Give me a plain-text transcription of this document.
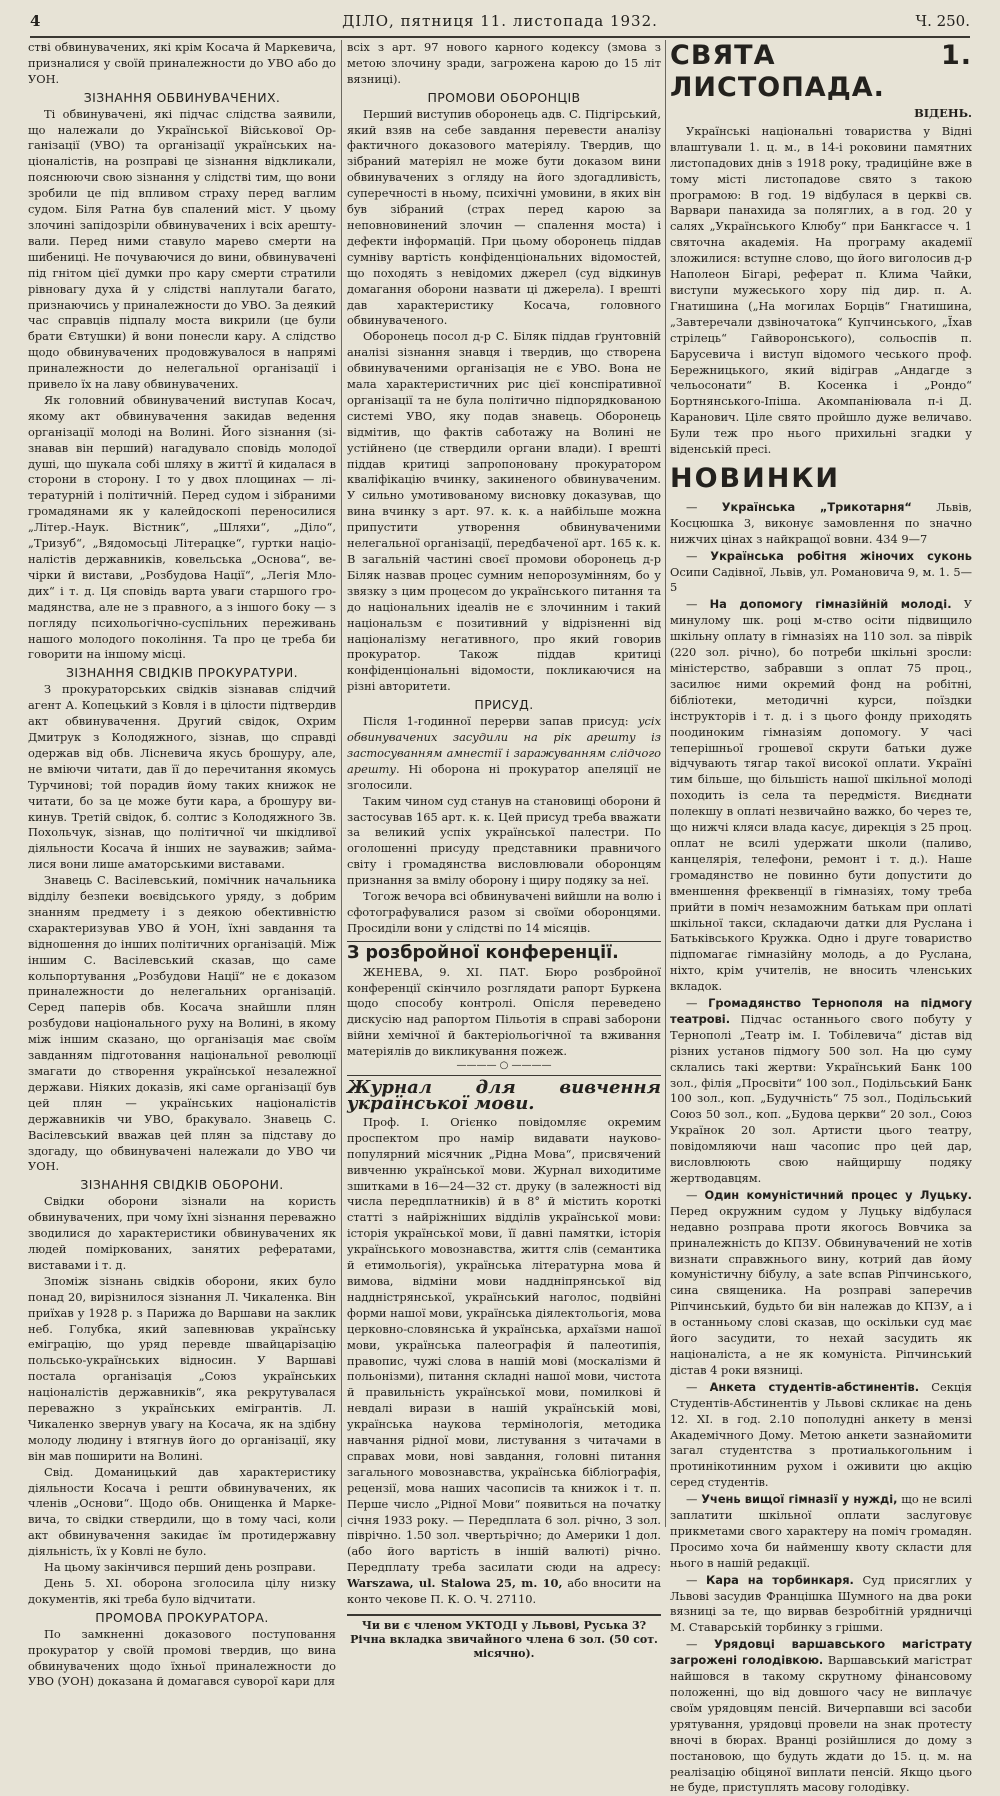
4	ДІЛО, пятниця 11. листопада 1932.	Ч. 250.

стві обвинувачених, які крім Косача й Маркевича, призналися у своїй приналежности до УВО або до УОН.

ЗІЗНАННЯ ОБВИНУВАЧЕНИХ.

Ті обвинувачені, які підчас слідства заявили, що належали до Української Військової Організації (УВО) та організації українських націоналістів, на розправі це зізнання відкликали, пояснюючи свою зізнання у слідстві тим, що вони зробили це під впливом страху перед ваглим судом. Біля Ратна був спалений міст. У цьому злочині запідозріли обвинувачених і всіх арештували. Перед ними ставуло марево смерти на шибениці. Не почуваючися до вини, обвинувачені під гнітом цієї думки про кару смерти стратили рівновагу духа й у слідстві наплутали багато, признаючись у приналежности до УВО. За деякий час справців підпалу моста викрили (це були брати Євтушки) й вони понесли кару. А слідство щодо обвинувачених продовжувалося в напрямі приналежности до нелегальної організації і привело їх на лаву обвинувачених.

Як головний обвинувачений виступав Косач, якому акт обвинувачення закидав ведення організації молоді на Волині. Його зізнання (зізнавав він перший) нагадувало сповідь молодої душі, що шукала собі шляху в життї й кидалася в сторони в сторону. І то у двох площинах — літературній і політичній. Перед судом і зібраними громадянами як у калейдоскопі переносилися „Літер.-Наук. Вістник“, „Шляхи“, „Діло“, „Тризуб“, „Вядомосьці Літерацке“, гуртки націоналістів державників, ковельська „Основа“, вечірки й вистави, „Розбудова Нації“, „Легія Млодих“ і т. д. Ця сповідь варта уваги старшого громадянства, але не з правного, а з іншого боку — з погляду психольогічно-суспільних переживань нашого молодого покоління. Та про це треба би говорити на іншому місці.

ЗІЗНАННЯ СВІДКІВ ПРОКУРАТУРИ.

З прокураторських свідків зізнавав слідчий агент А. Копецький з Ковля і в цілости підтвердив акт обвинувачення. Другий свідок, Охрим Дмитрук з Колодяжного, зізнав, що справді одержав від обв. Лісневича якусь брошуру, але, не вміючи читати, дав її до перечитання якомусь Турчинові; той порадив йому таких книжок не читати, бо за це може бути кара, а брошуру викинув. Третій свідок, б. солтис з Колодяжного Зв. Похольчук, зізнав, що політичної чи шкідливої діяльности Косача й інших не зауважив; займалися вони лише аматорськими виставами.

Знавець С. Васілевський, помічник начальника відділу безпеки воєвідського уряду, з добрим знанням предмету і з деякою обективністю схарактеризував УВО й УОН, їхні завдання та відношення до інших політичних організацій. Між іншим С. Васілевський сказав, що саме кольпортування „Розбудови Нації“ не є доказом приналежности до нелегальних організацій. Серед паперів обв. Косача знайшли плян розбудови національного руху на Волині, в якому між іншим сказано, що організація має своїм завданням підготовання національної революції змагати до створення української незалежної держави. Ніяких доказів, які саме організації був цей плян — українських націоналістів державників чи УВО, бракувало. Знавець С. Васілевський вважав цей плян за підставу до здогаду, що обвинувачені належали до УВО чи УОН.

ЗІЗНАННЯ СВІДКІВ ОБОРОНИ.

Свідки оборони зізнали на користь обвинувачених, при чому їхні зізнання переважно зводилися до характеристики обвинувачених як людей поміркованих, занятих рефератами, виставами і т. д.

Зпоміж зізнань свідків оборони, яких було понад 20, вирізнилося зізнання Л. Чикаленка. Він приїхав у 1928 р. з Парижа до Варшави на заклик неб. Голубка, який запевнював українську еміграцію, що уряд перевде швайцарізацію польсько-українських відносин. У Варшаві постала організація „Союз українських націоналістів державників“, яка рекрутувалася переважно з українських емігрантів. Л. Чикаленко звернув увагу на Косача, як на здібну молоду людину і втягнув його до організації, яку він мав поширити на Волині.

Свід. Доманицький дав характеристику діяльности Косача і решти обвинувачених, як членів „Основи“. Щодо обв. Онищенка й Маркевича, то свідки ствердили, що в тому часі, коли акт обвинувачення закидає їм протидержавну діяльність, їх у Ковлі не було.

На цьому закінчився перший день розправи.

День 5. XI. оборона зголосила цілу низку документів, які треба було відчитати.

ПРОМОВА ПРОКУРАТОРА.

По замкненні доказового поступовання прокуратор у своїй промові твердив, що вина обвинувачених щодо їхньої приналежности до УВО (УОН) доказана й домагався суворої кари для

всіх з арт. 97 нового карного кодексу (змова з метою злочину зради, загрожена карою до 15 літ вязниці).

ПРОМОВИ ОБОРОНЦІВ

Перший виступив оборонець адв. С. Підгірський, який взяв на себе завдання перевести аналізу фактичного доказового матеріялу. Твердив, що зібраний матеріял не може бути доказом вини обвинувачених з огляду на його здогадливість, суперечності в ньому, психічні умовини, в яких він був зібраний (страх перед карою за неповновинений злочин — спалення моста) і дефекти інформацій. При цьому оборонець піддав сумніву вартість конфіденціональних відомостей, що походять з невідомих джерел (суд відкинув домагання оборони назвати ці джерела). І врешті дав характеристику Косача, головного обвинуваченого.

Оборонець посол д-р С. Біляк піддав ґрунтовній аналізі зізнання знавця і твердив, що створена обвинуваченими організація не є УВО. Вона не мала характеристичних рис цієї конспіративної організації та не була політично підпорядкованою системі УВО, яку подав знавець. Оборонець відмітив, що фактів саботажу на Волині не устійнено (це ствердили органи влади). І врешті піддав критиці запропоновану прокуратором кваліфікацію вчинку, закиненого обвинуваченим. У сильно умотивованому висновку доказував, що вина вчинку з арт. 97. к. к. а найбільше можна припустити утворення обвинуваченими нелегальної організації, передбаченої арт. 165 к. к. В загальній частині своєї промови оборонець д-р Біляк назвав процес сумним непорозумінням, бо у звязку з цим процесом до українського питання та до національних ідеалів не є злочинним і такий національзм є позитивний у відрізненні від націоналізму негативного, про який говорив прокуратор. Також піддав критиці конфіденціональні відомости, покликаючися на різні авторитети.

ПРИСУД.

Після 1-годинної перерви запав присуд: усіх обвинувачених засудили на рік арешту із застосуванням амнестії і заражуванням слідчого арешту. Ні оборона ні прокуратор апеляції не зголосили.

Таким чином суд станув на становищі оборони й застосував 165 арт. к. к. Цей присуд треба вважати за великий успіх української палестри. По оголошенні присуду представники правничого світу і громадянства висловлювали оборонцям признання за вмілу оборону і щиру подяку за неї.

Тогож вечора всі обвинувачені вийшли на волю і сфотографувалися разом зі своїми оборонцями. Просиділи вони у слідстві по 14 місяців.

З розбройної конференції.

ЖЕНЕВА, 9. XI. ПАТ. Бюро розбройної конференції скінчило розглядати рапорт Буркена щодо способу контролі. Опісля переведено дискусію над рапортом Пільотія в справі заборони війни хемічної й бактеріольогічної та вживання матеріялів до викликування пожеж.

———— ○ ————
Журнал для вивчення української мови.

Проф. І. Огієнко повідомляє окремим проспектом про намір видавати науково-популярний місячник „Рідна Мова“, присвячений вивченню української мови. Журнал виходитиме зшитками в 16—24—32 ст. друку (в залежності від числа передплатників) й в 8° й містить короткі статті з найріжніших відділів української мови: історія української мови, її давні памятки, історія українського мовознавства, життя слів (семантика й етимольогія), українська літературна мова й вимова, відміни мови наддніпрянської від наддністрянської, український наголос, подвійні форми нашої мови, українська діялектольогія, мова церковно-словянська й українська, архаїзми нашої мови, українська палеографія й палеотипія, правопис, чужі слова в нашій мові (москалізми й польонізми), питання складні нашої мови, чистота й правильність української мови, помилкові й невдалі вирази в нашій українській мові, українська наукова термінологія, методика навчання рідної мови, листування з читачами в справах мови, нові завдання, головні питання загального мовознавства, українська бібліографія, рецензії, мова наших часописів та книжок і т. п. Перше число „Рідної Мови“ появиться на початку січня 1933 року. — Передплата 6 зол. річно, 3 зол. піврічно. 1.50 зол. чвертьрічно; до Америки 1 дол. (або його вартість в іншій валюті) річно. Передплату треба засилати сюди на адресу: Warszawa, ul. Stalowa 25, m. 10, або вносити на конто чекове П. К. О. Ч. 27110.

Чи ви є членом УКТОДІ у Львові, Руська 3? Річна вкладка звичайного члена 6 зол. (50 сот. місячно).
СВЯТА 1. ЛИСТОПАДА.
ВІДЕНЬ.

Українські національні товариства у Відні влаштували 1. ц. м., в 14-і роковини памятних листопадових днів з 1918 року, традиційне вже в тому місті листопадове свято з такою програмою: В год. 19 відбулася в церкві св. Варвари панахида за поляглих, а в год. 20 у салях „Українського Клюбу“ при Банкгассе ч. 1 святочна академія. На програму академії зложилися: вступне слово, що його виголосив д-р Наполеон Бігарі, реферат п. Клима Чайки, виступи мужеського хору під дир. п. А. Гнатишина („На могилах Борців“ Гнатишина, „Завтеречали дзвіночатока“ Купчинського, „Їхав стрілець“ Гайворонського), сольоспів п. Барусевича і виступ відомого чеського проф. Бережницького, який відіграв „Андагде з чельосонати“ В. Косенка і „Рондо“ Бортнянського-Іпіша. Акомпаніювала п-і Д. Каранович. Ціле свято пройшло дуже величаво. Були теж про нього прихильні згадки у віденській пресі.

НОВИНКИ

— Українська „Трикотарня“ Львів, Косцюшка 3, виконує замовлення по значно нижчих цінах з найкращої вовни. 434 9—7

— Українська робітня жіночих суконь Осипи Садівної, Львів, ул. Романовича 9, м. 1. 5—5

— На допомогу гімназійній молоді. У минулому шк. році м-ство осіти підвищило шкільну оплату в гімназіях на 110 зол. за півріk (220 зол. річно), бо потреби шкільні зросли: міністерство, забравши з оплат 75 проц., засилює ними окремий фонд на робітні, бібліотеки, методичні курси, поїздки інструкторів і т. д. і з цього фонду приходять поодиноким гімназіям допомогу. У часі теперішньої грошевої скрути батьки дуже відчувають тягар такої високої оплати. Україні тим більше, що більшість нашої шкільної молоді походить із села та передмістя. Виєднати полекшу в оплаті незвичайно важко, бо через те, що нижчі кляси влада касує, дирекція з 25 проц. оплат не всилі удержати школи (паливо, канцелярія, телефони, ремонт і т. д.). Наше громадянство не повинно бути допустити до вменшення фреквенції в гімназіях, тому треба прийти в поміч незаможним батькам при оплаті шкільної такси, складаючи датки для Руслана і Батьківського Кружка. Одно і друге товариство підпомагає гімназійну молодь, а до Руслана, ніхто, крім учителів, не вносить членських вкладок.

— Громадянство Тернополя на підмогу театрові. Підчас останнього свого побуту у Тернополі „Театр ім. І. Тобілевича“ дістав від різних установ підмогу 500 зол. На цю суму склались такі жертви: Український Банк 100 зол., філія „Просвіти“ 100 зол., Подільський Банк 100 зол., коп. „Будучність“ 75 зол., Подільський Союз 50 зол., коп. „Будова церкви“ 20 зол., Союз Українок 20 зол. Артисти цього театру, повідомляючи наш часопис про цей дар, висловлюють свою найщиршу подяку жертводавцям.

— Один комуністичний процес у Луцьку. Перед окружним судом у Луцьку відбулася недавно розправа проти якогось Вовчика за приналежність до КПЗУ. Обвинувачений не хотів визнати справжнього вину, котрий дав йому комуністичну бібулу, а заte вспав Ріпчинського, сина священика. На розправі заперечив Ріпчинський, будьто би він належав до КПЗУ, а і в останньому слові сказав, що оскільки суд має його засудити, то нехай засудить як націоналіста, а не як комуніста. Ріпчинський дістав 4 роки вязниці.

— Анкета студентів-абстинентів. Секція Студентів-Абстинентів у Львові скликає на день 12. XI. в год. 2.10 пополудні анкету в мензі Академічного Дому. Метою анкети зазнайомити загал студентства з протиалькогольним і протинікотинним рухом і оживити цю акцію серед студентів.

— Учень вищої гімназії у нужді, що не всилі заплатити шкільної оплати заслуговує прикметами свого характеру на поміч громадян. Просимо хоча би найменшу квоту скласти для нього в нашій редакції.

— Кара на торбинкаря. Суд присяглих у Львові засудив Францішка Шумного на два роки вязниці за те, що вирвав безробітній урядничці М. Ставарській торбинку з грішми.

— Урядовці варшавського магістрату загрожені голодівкою. Варшавський магістрат найшовся в такому скрутному фінансовому положенні, що від довшого часу не виплачує своїм урядовцям пенсій. Вичерпавши всі засоби урятування, урядовці провели на знак протесту вночі в бюрах. Вранці розійшлися до дому з постановою, що будуть ждати до 15. ц. м. на реалізацію обіцяної виплати пенсій. Якщо цього не буде, приступлять масову голодівку.
